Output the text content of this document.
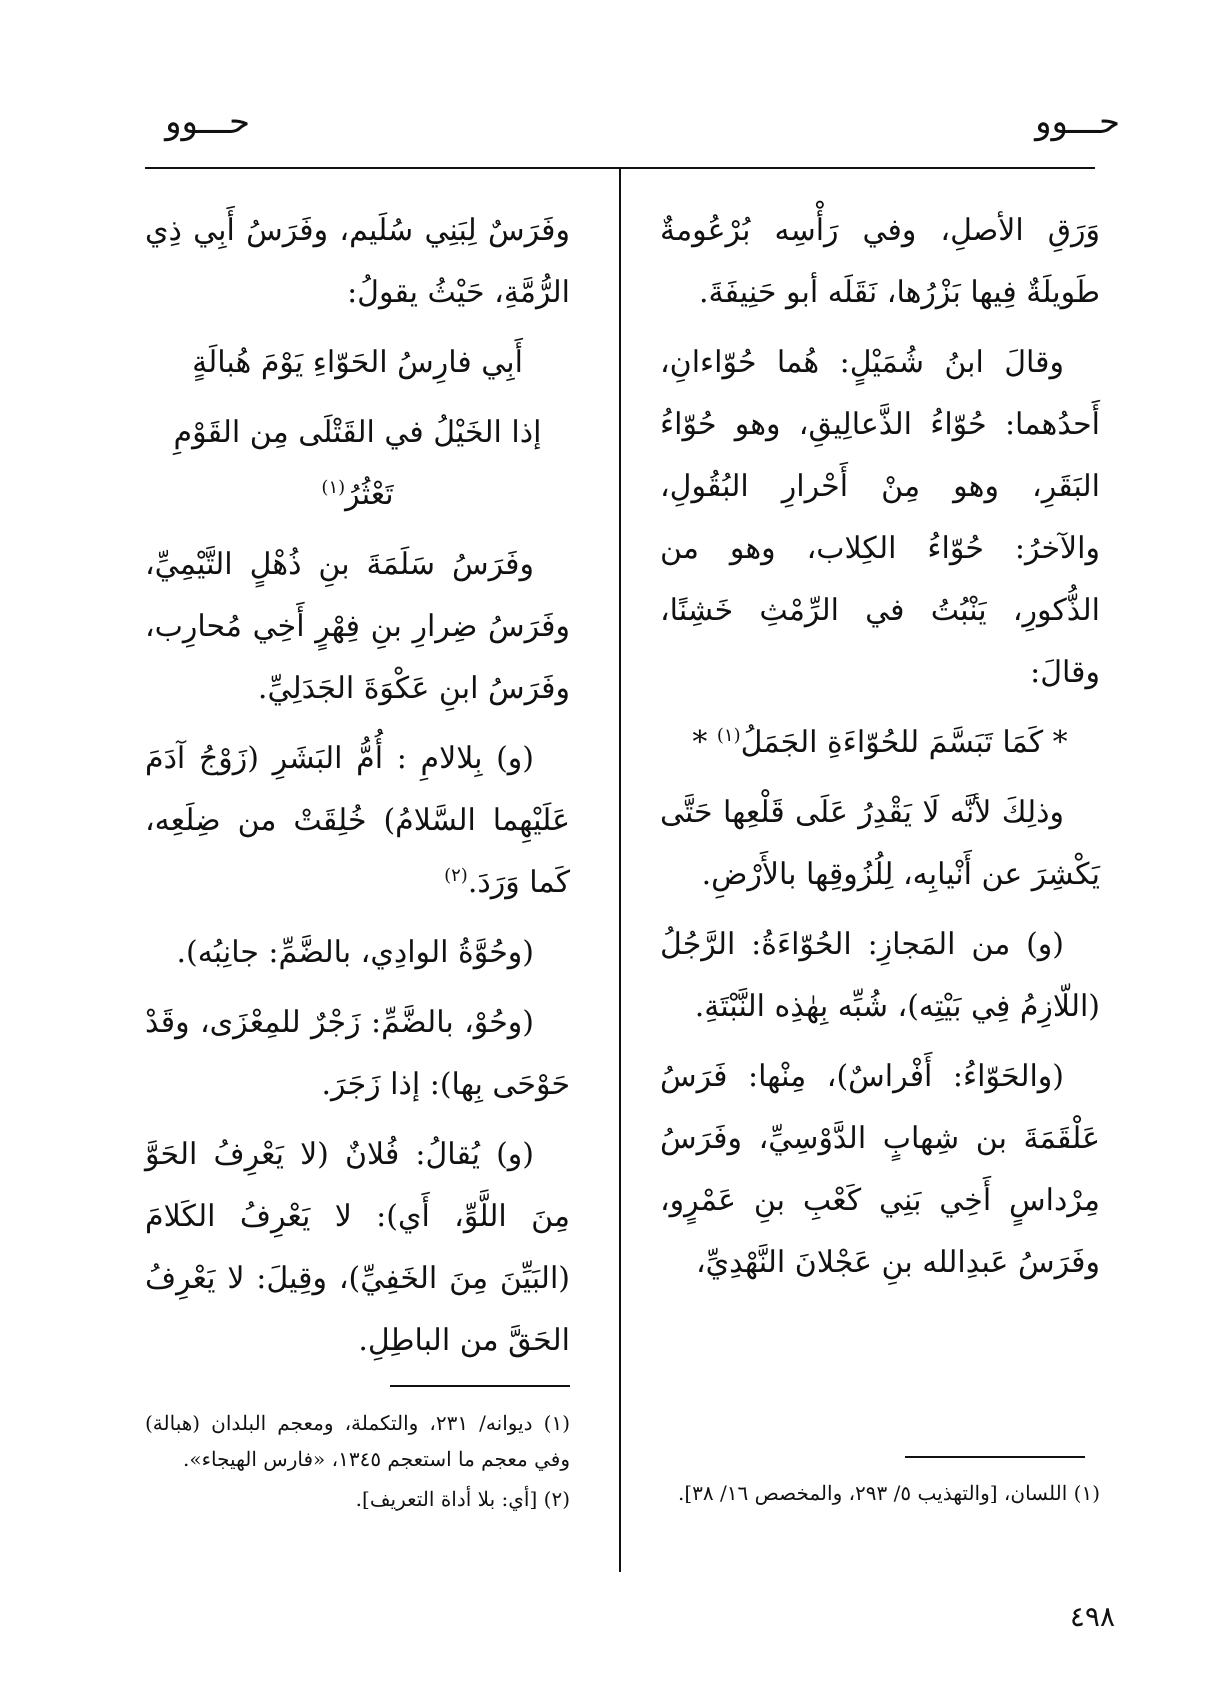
حـــوو
حـــوو

وَرَقِ الأصلِ، وفي رَأْسِه بُرْعُومةٌ طَويلَةٌ فِيها بَزْرُها، نَقَلَه أبو حَنِيفَةَ.

وقالَ ابنُ شُمَيْلٍ: هُما حُوّاءانِ، أَحدُهما: حُوّاءُ الذَّعالِيقِ، وهو حُوّاءُ البَقَرِ، وهو مِنْ أَحْرارِ البُقُولِ، والآخرُ: حُوّاءُ الكِلاب، وهو من الذُّكورِ، يَنْبُتُ في الرِّمْثِ خَشِنًا، وقالَ:

* كَمَا تَبَسَّمَ للحُوّاءَةِ الجَمَلُ$^{(١)}$ *

وذلِكَ لأنَّه لَا يَقْدِرُ عَلَى قَلْعِها حَتَّى يَكْشِرَ عن أَنْيابِه، لِلُزُوقِها بالأَرْضِ.

(و) من المَجازِ: الحُوّاءَةُ: الرَّجُلُ (اللّازِمُ فِي بَيْتِه)، شُبِّه بِهٰذِه النَّبْتَةِ.

(والحَوّاءُ: أَفْراسٌ)، مِنْها: فَرَسُ عَلْقَمَةَ بن شِهابٍ الدَّوْسِيِّ، وفَرَسُ مِرْداسٍ أَخِي بَنِي كَعْبِ بنِ عَمْرٍو، وفَرَسُ عَبدِالله بنِ عَجْلانَ النَّهْدِيِّ،

(١) اللسان، [والتهذيب ٥/ ٢٩٣، والمخصص ١٦/ ٣٨].

وفَرَسٌ لِبَنِي سُلَيم، وفَرَسُ أَبِي ذِي الرُّمَّةِ، حَيْثُ يقولُ:

أَبِي فارِسُ الحَوّاءِ يَوْمَ هُبالَةٍ

إذا الخَيْلُ في القَتْلَى مِن القَوْمِ تَعْثُرُ$^{(١)}$

وفَرَسُ سَلَمَةَ بنِ ذُهْلٍ التَّيْمِيِّ، وفَرَسُ ضِرارِ بنِ فِهْرٍ أَخِي مُحارِب، وفَرَسُ ابنِ عَكْوَةَ الجَدَلِيِّ.

(و) بِلالامِ : أُمُّ البَشَرِ (زَوْجُ آدَمَ عَلَيْهِما السَّلامُ) خُلِقَتْ من ضِلَعِه، كَما وَرَدَ.$^{(٢)}$

(وحُوَّةُ الوادِي، بالضَّمِّ: جانِبُه).

(وحُوْ، بالضَّمِّ: زَجْرٌ للمِعْزَى، وقَدْ حَوْحَى بِها): إذا زَجَرَ.

(و) يُقالُ: فُلانٌ (لا يَعْرِفُ الحَوَّ مِنَ اللَّوِّ، أَي): لا يَعْرِفُ الكَلامَ (البَيِّنَ مِنَ الخَفِيِّ)، وقِيلَ: لا يَعْرِفُ الحَقَّ من الباطِلِ.

(١) ديوانه/ ٢٣١، والتكملة، ومعجم البلدان (هبالة) وفي معجم ما استعجم ١٣٤٥، «فارس الهيجاء».

(٢) [أي: بلا أداة التعريف].

٤٩٨
